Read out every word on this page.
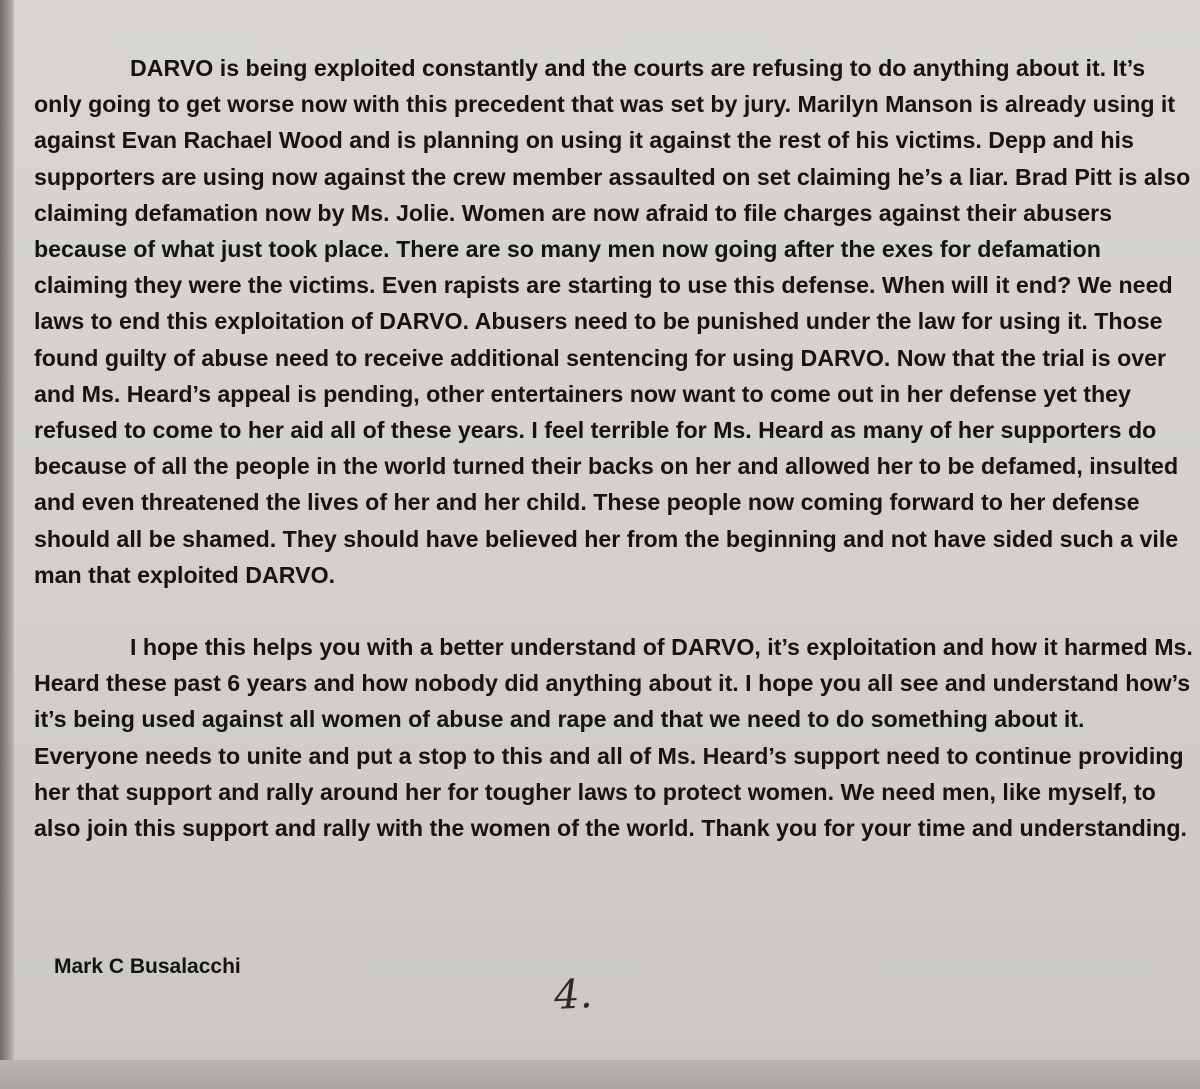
DARVO is being exploited constantly and the courts are refusing to do anything about it. It’s only going to get worse now with this precedent that was set by jury. Marilyn Manson is already using it against Evan Rachael Wood and is planning on using it against the rest of his victims. Depp and his supporters are using now against the crew member assaulted on set claiming he’s a liar. Brad Pitt is also claiming defamation now by Ms. Jolie. Women are now afraid to file charges against their abusers because of what just took place. There are so many men now going after the exes for defamation claiming they were the victims. Even rapists are starting to use this defense. When will it end? We need laws to end this exploitation of DARVO. Abusers need to be punished under the law for using it. Those found guilty of abuse need to receive additional sentencing for using DARVO. Now that the trial is over and Ms. Heard’s appeal is pending, other entertainers now want to come out in her defense yet they refused to come to her aid all of these years. I feel terrible for Ms. Heard as many of her supporters do because of all the people in the world turned their backs on her and allowed her to be defamed, insulted and even threatened the lives of her and her child. These people now coming forward to her defense should all be shamed. They should have believed her from the beginning and not have sided such a vile man that exploited DARVO.

I hope this helps you with a better understand of DARVO, it’s exploitation and how it harmed Ms. Heard these past 6 years and how nobody did anything about it. I hope you all see and understand how’s it’s being used against all women of abuse and rape and that we need to do something about it. Everyone needs to unite and put a stop to this and all of Ms. Heard’s support need to continue providing her that support and rally around her for tougher laws to protect women. We need men, like myself, to also join this support and rally with the women of the world. Thank you for your time and understanding.

Mark C Busalacchi
4.
